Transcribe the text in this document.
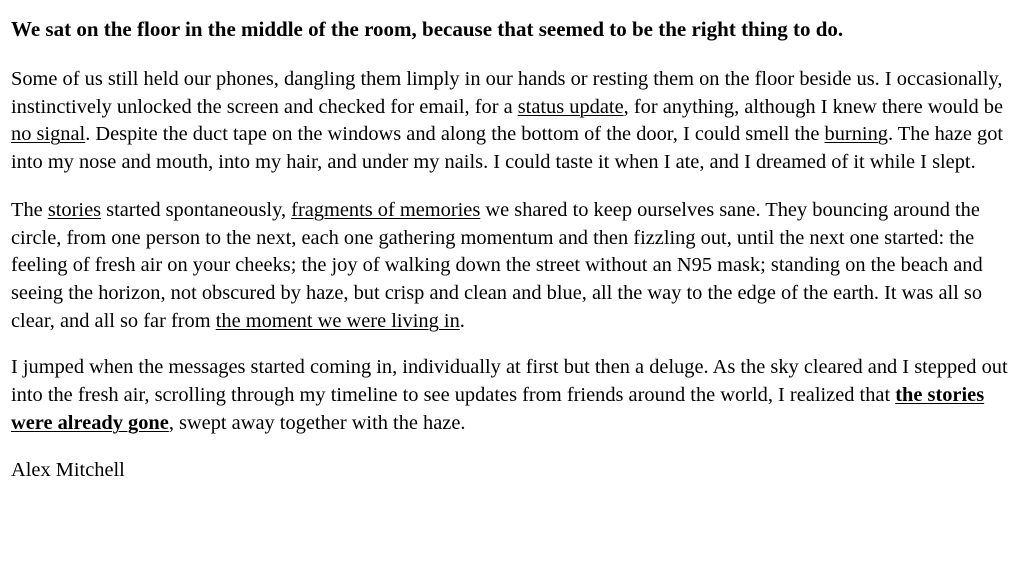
We sat on the floor in the middle of the room, because that seemed to be the right thing to do.

Some of us still held our phones, dangling them limply in our hands or resting them on the floor beside us. I occasionally, instinctively unlocked the screen and checked for email, for a status update, for anything, although I knew there would be no signal. Despite the duct tape on the windows and along the bottom of the door, I could smell the burning. The haze got into my nose and mouth, into my hair, and under my nails. I could taste it when I ate, and I dreamed of it while I slept.

The stories started spontaneously, fragments of memories we shared to keep ourselves sane. They bouncing around the circle, from one person to the next, each one gathering momentum and then fizzling out, until the next one started: the feeling of fresh air on your cheeks; the joy of walking down the street without an N95 mask; standing on the beach and seeing the horizon, not obscured by haze, but crisp and clean and blue, all the way to the edge of the earth. It was all so clear, and all so far from the moment we were living in.

I jumped when the messages started coming in, individually at first but then a deluge. As the sky cleared and I stepped out into the fresh air, scrolling through my timeline to see updates from friends around the world, I realized that the stories were already gone, swept away together with the haze.

Alex Mitchell
